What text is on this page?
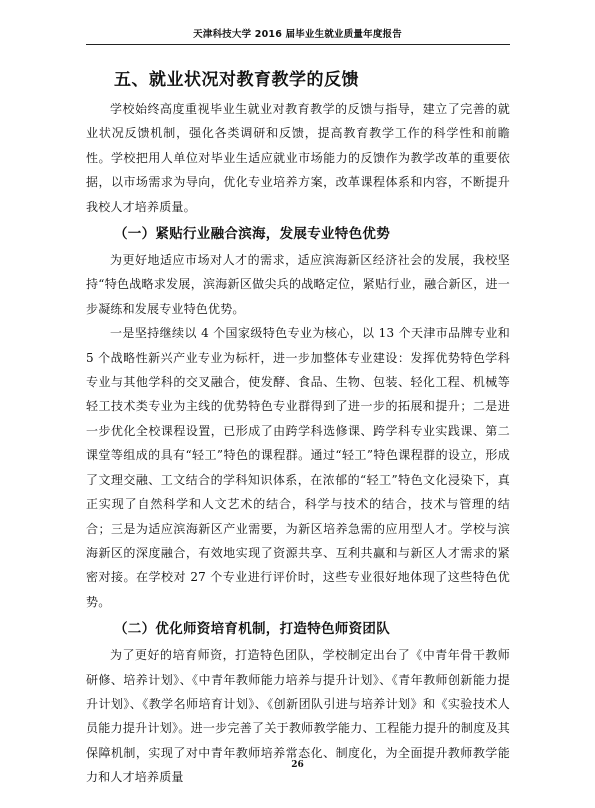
天津科技大学 2016 届毕业生就业质量年度报告
五、就业状况对教育教学的反馈

学校始终高度重视毕业生就业对教育教学的反馈与指导，建立了完善的就业状况反馈机制，强化各类调研和反馈，提高教育教学工作的科学性和前瞻性。学校把用人单位对毕业生适应就业市场能力的反馈作为教学改革的重要依据，以市场需求为导向，优化专业培养方案，改革课程体系和内容，不断提升我校人才培养质量。

（一）紧贴行业融合滨海，发展专业特色优势

为更好地适应市场对人才的需求，适应滨海新区经济社会的发展，我校坚持“特色战略求发展，滨海新区做尖兵的战略定位，紧贴行业，融合新区，进一步凝练和发展专业特色优势。

一是坚持继续以 4 个国家级特色专业为核心，以 13 个天津市品牌专业和 5 个战略性新兴产业专业为标杆，进一步加整体专业建设：发挥优势特色学科专业与其他学科的交叉融合，使发酵、食品、生物、包装、轻化工程、机械等轻工技术类专业为主线的优势特色专业群得到了进一步的拓展和提升；二是进一步优化全校课程设置，已形成了由跨学科选修课、跨学科专业实践课、第二课堂等组成的具有“轻工”特色的课程群。通过“轻工”特色课程群的设立，形成了文理交融、工文结合的学科知识体系，在浓郁的“轻工”特色文化浸染下，真正实现了自然科学和人文艺术的结合，科学与技术的结合，技术与管理的结合；三是为适应滨海新区产业需要，为新区培养急需的应用型人才。学校与滨海新区的深度融合，有效地实现了资源共享、互利共赢和与新区人才需求的紧密对接。在学校对 27 个专业进行评价时，这些专业很好地体现了这些特色优势。

（二）优化师资培育机制，打造特色师资团队

为了更好的培育师资，打造特色团队，学校制定出台了《中青年骨干教师研修、培养计划》、《中青年教师能力培养与提升计划》、《青年教师创新能力提升计划》、《教学名师培育计划》、《创新团队引进与培养计划》和《实验技术人员能力提升计划》。进一步完善了关于教师教学能力、工程能力提升的制度及其保障机制，实现了对中青年教师培养常态化、制度化，为全面提升教师教学能力和人才培养质量

26
